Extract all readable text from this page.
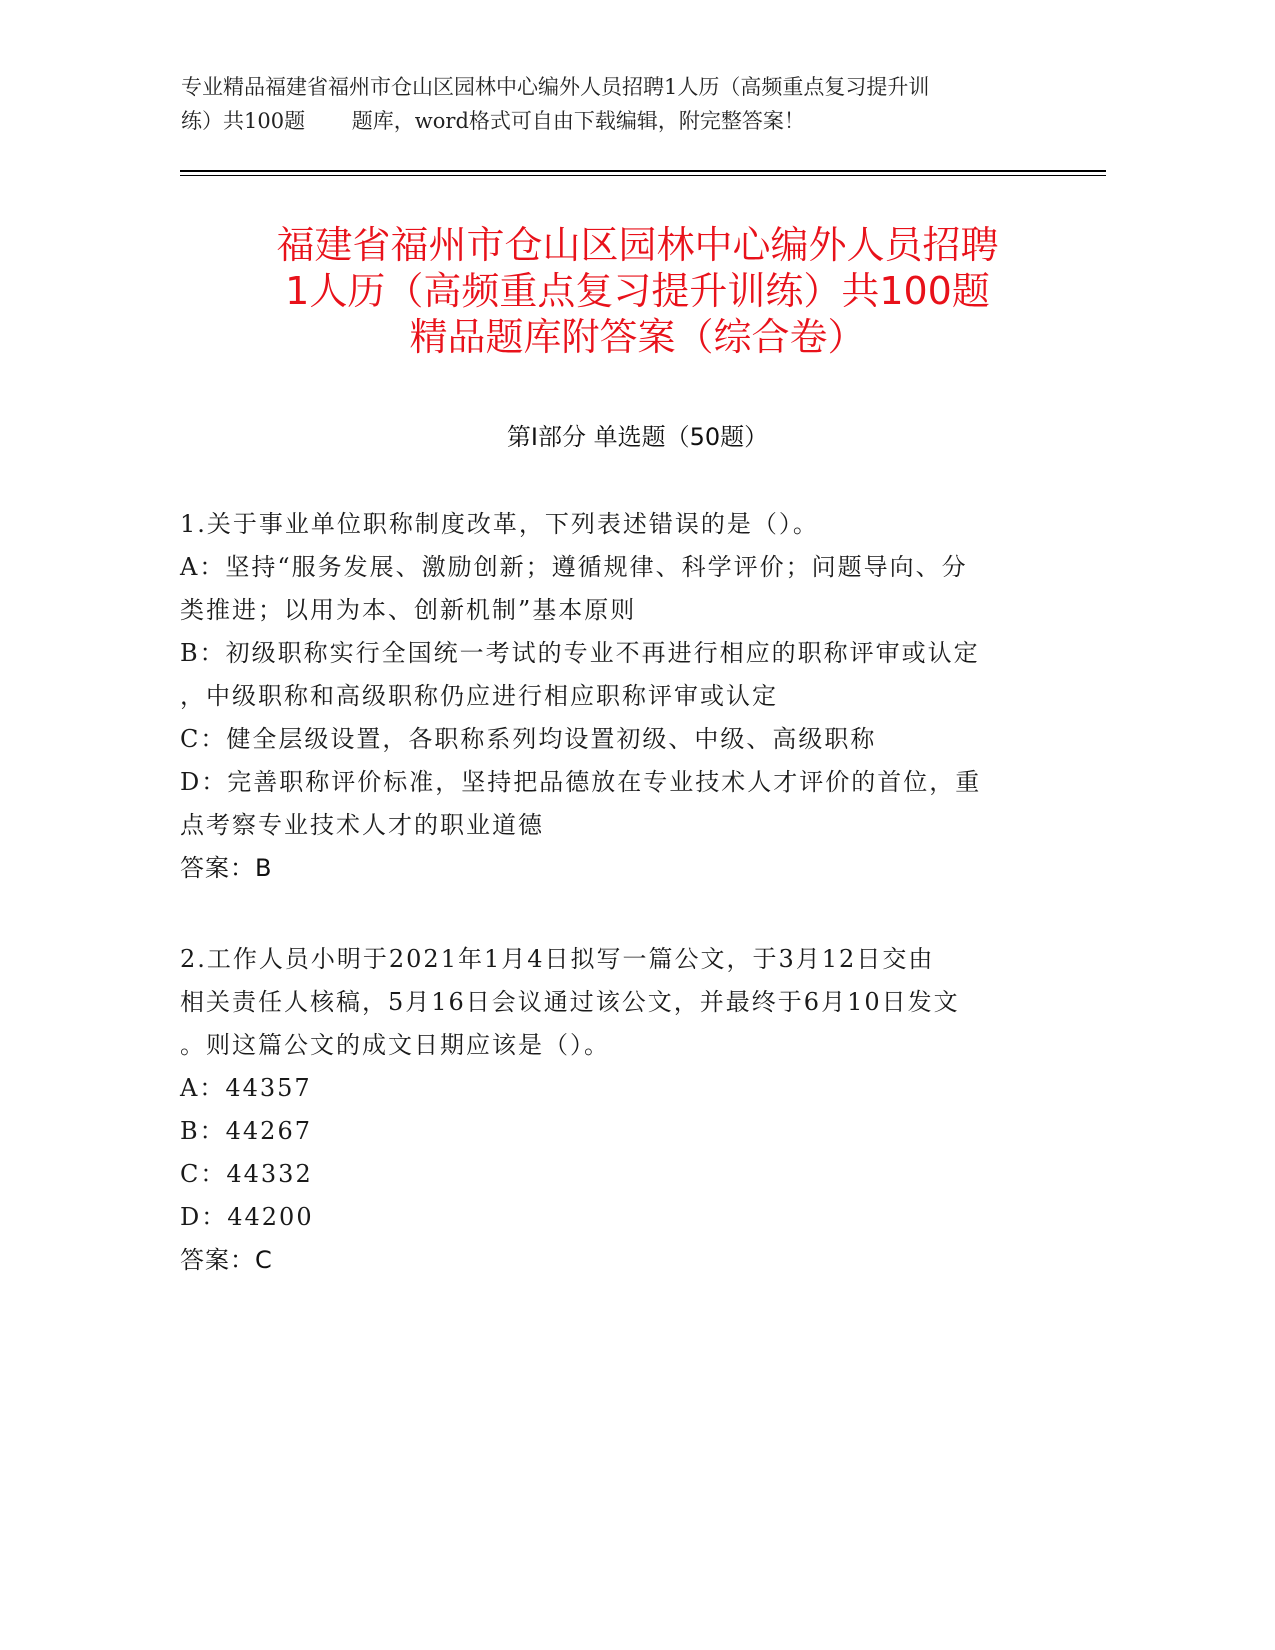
专业精品福建省福州市仓山区园林中心编外人员招聘1人历（高频重点复习提升训
练）共100题       题库，word格式可自由下载编辑，附完整答案！
福建省福州市仓山区园林中心编外人员招聘
1人历（高频重点复习提升训练）共100题
精品题库附答案（综合卷）
第Ⅰ部分 单选题（50题）
1.关于事业单位职称制度改革，下列表述错误的是（）。
A：坚持“服务发展、激励创新；遵循规律、科学评价；问题导向、分
类推进；以用为本、创新机制”基本原则
B：初级职称实行全国统一考试的专业不再进行相应的职称评审或认定
，中级职称和高级职称仍应进行相应职称评审或认定
C：健全层级设置，各职称系列均设置初级、中级、高级职称
D：完善职称评价标准，坚持把品德放在专业技术人才评价的首位，重
点考察专业技术人才的职业道德
答案：B
2.工作人员小明于2021年1月4日拟写一篇公文，于3月12日交由
相关责任人核稿，5月16日会议通过该公文，并最终于6月10日发文
。则这篇公文的成文日期应该是（）。
A：44357
B：44267
C：44332
D：44200
答案：C
